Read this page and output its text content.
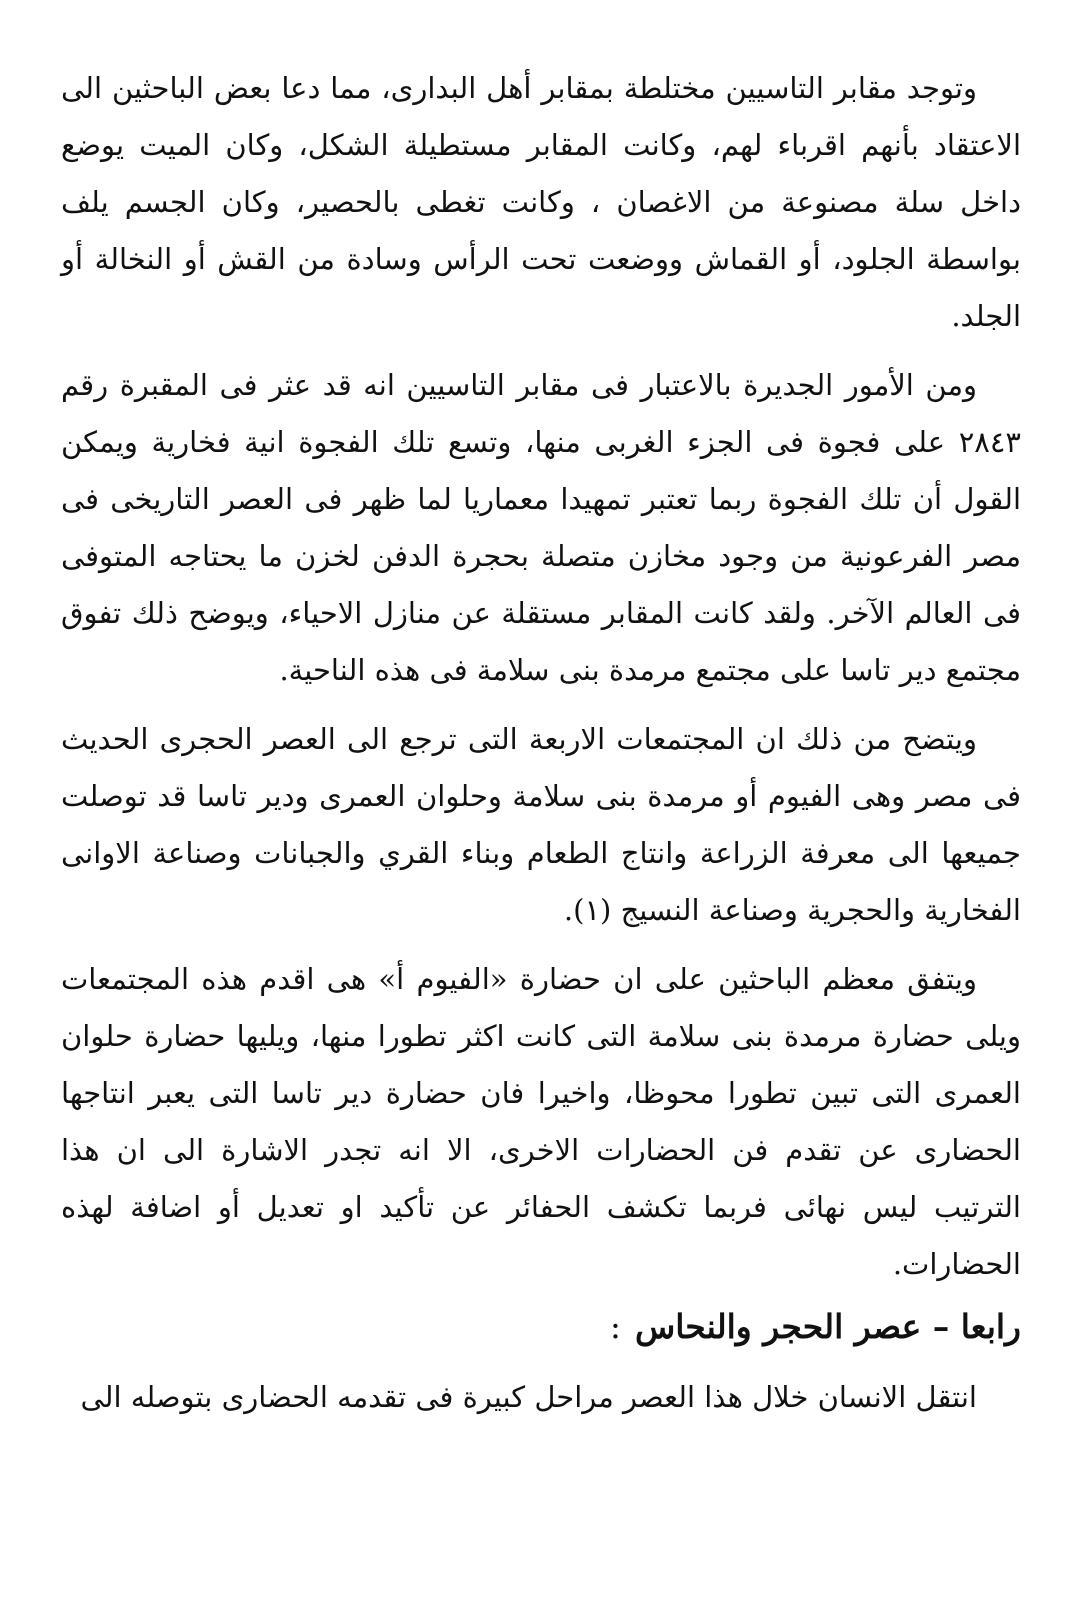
وتوجد مقابر التاسيين مختلطة بمقابر أهل البدارى، مما دعا بعض الباحثين الى الاعتقاد بأنهم اقرباء لهم، وكانت المقابر مستطيلة الشكل، وكان الميت يوضع داخل سلة مصنوعة من الاغصان ، وكانت تغطى بالحصير، وكان الجسم يلف بواسطة الجلود، أو القماش ووضعت تحت الرأس وسادة من القش أو النخالة أو الجلد.

ومن الأمور الجديرة بالاعتبار فى مقابر التاسيين انه قد عثر فى المقبرة رقم ٢٨٤٣ على فجوة فى الجزء الغربى منها، وتسع تلك الفجوة انية فخارية ويمكن القول أن تلك الفجوة ربما تعتبر تمهيدا معماريا لما ظهر فى العصر التاريخى فى مصر الفرعونية من وجود مخازن متصلة بحجرة الدفن لخزن ما يحتاجه المتوفى فى العالم الآخر. ولقد كانت المقابر مستقلة عن منازل الاحياء، ويوضح ذلك تفوق مجتمع دير تاسا على مجتمع مرمدة بنى سلامة فى هذه الناحية.

ويتضح من ذلك ان المجتمعات الاربعة التى ترجع الى العصر الحجرى الحديث فى مصر وهى الفيوم أو مرمدة بنى سلامة وحلوان العمرى ودير تاسا قد توصلت جميعها الى معرفة الزراعة وانتاج الطعام وبناء القري والجبانات وصناعة الاوانى الفخارية والحجرية وصناعة النسيج (١).

ويتفق معظم الباحثين على ان حضارة «الفيوم أ» هى اقدم هذه المجتمعات ويلى حضارة مرمدة بنى سلامة التى كانت اكثر تطورا منها، ويليها حضارة حلوان العمرى التى تبين تطورا محوظا، واخيرا فان حضارة دير تاسا التى يعبر انتاجها الحضارى عن تقدم فن الحضارات الاخرى، الا انه تجدر الاشارة الى ان هذا الترتيب ليس نهائى فربما تكشف الحفائر عن تأكيد او تعديل أو اضافة لهذه الحضارات.

رابعا – عصر الحجر والنحاس:

انتقل الانسان خلال هذا العصر مراحل كبيرة فى تقدمه الحضارى بتوصله الى
